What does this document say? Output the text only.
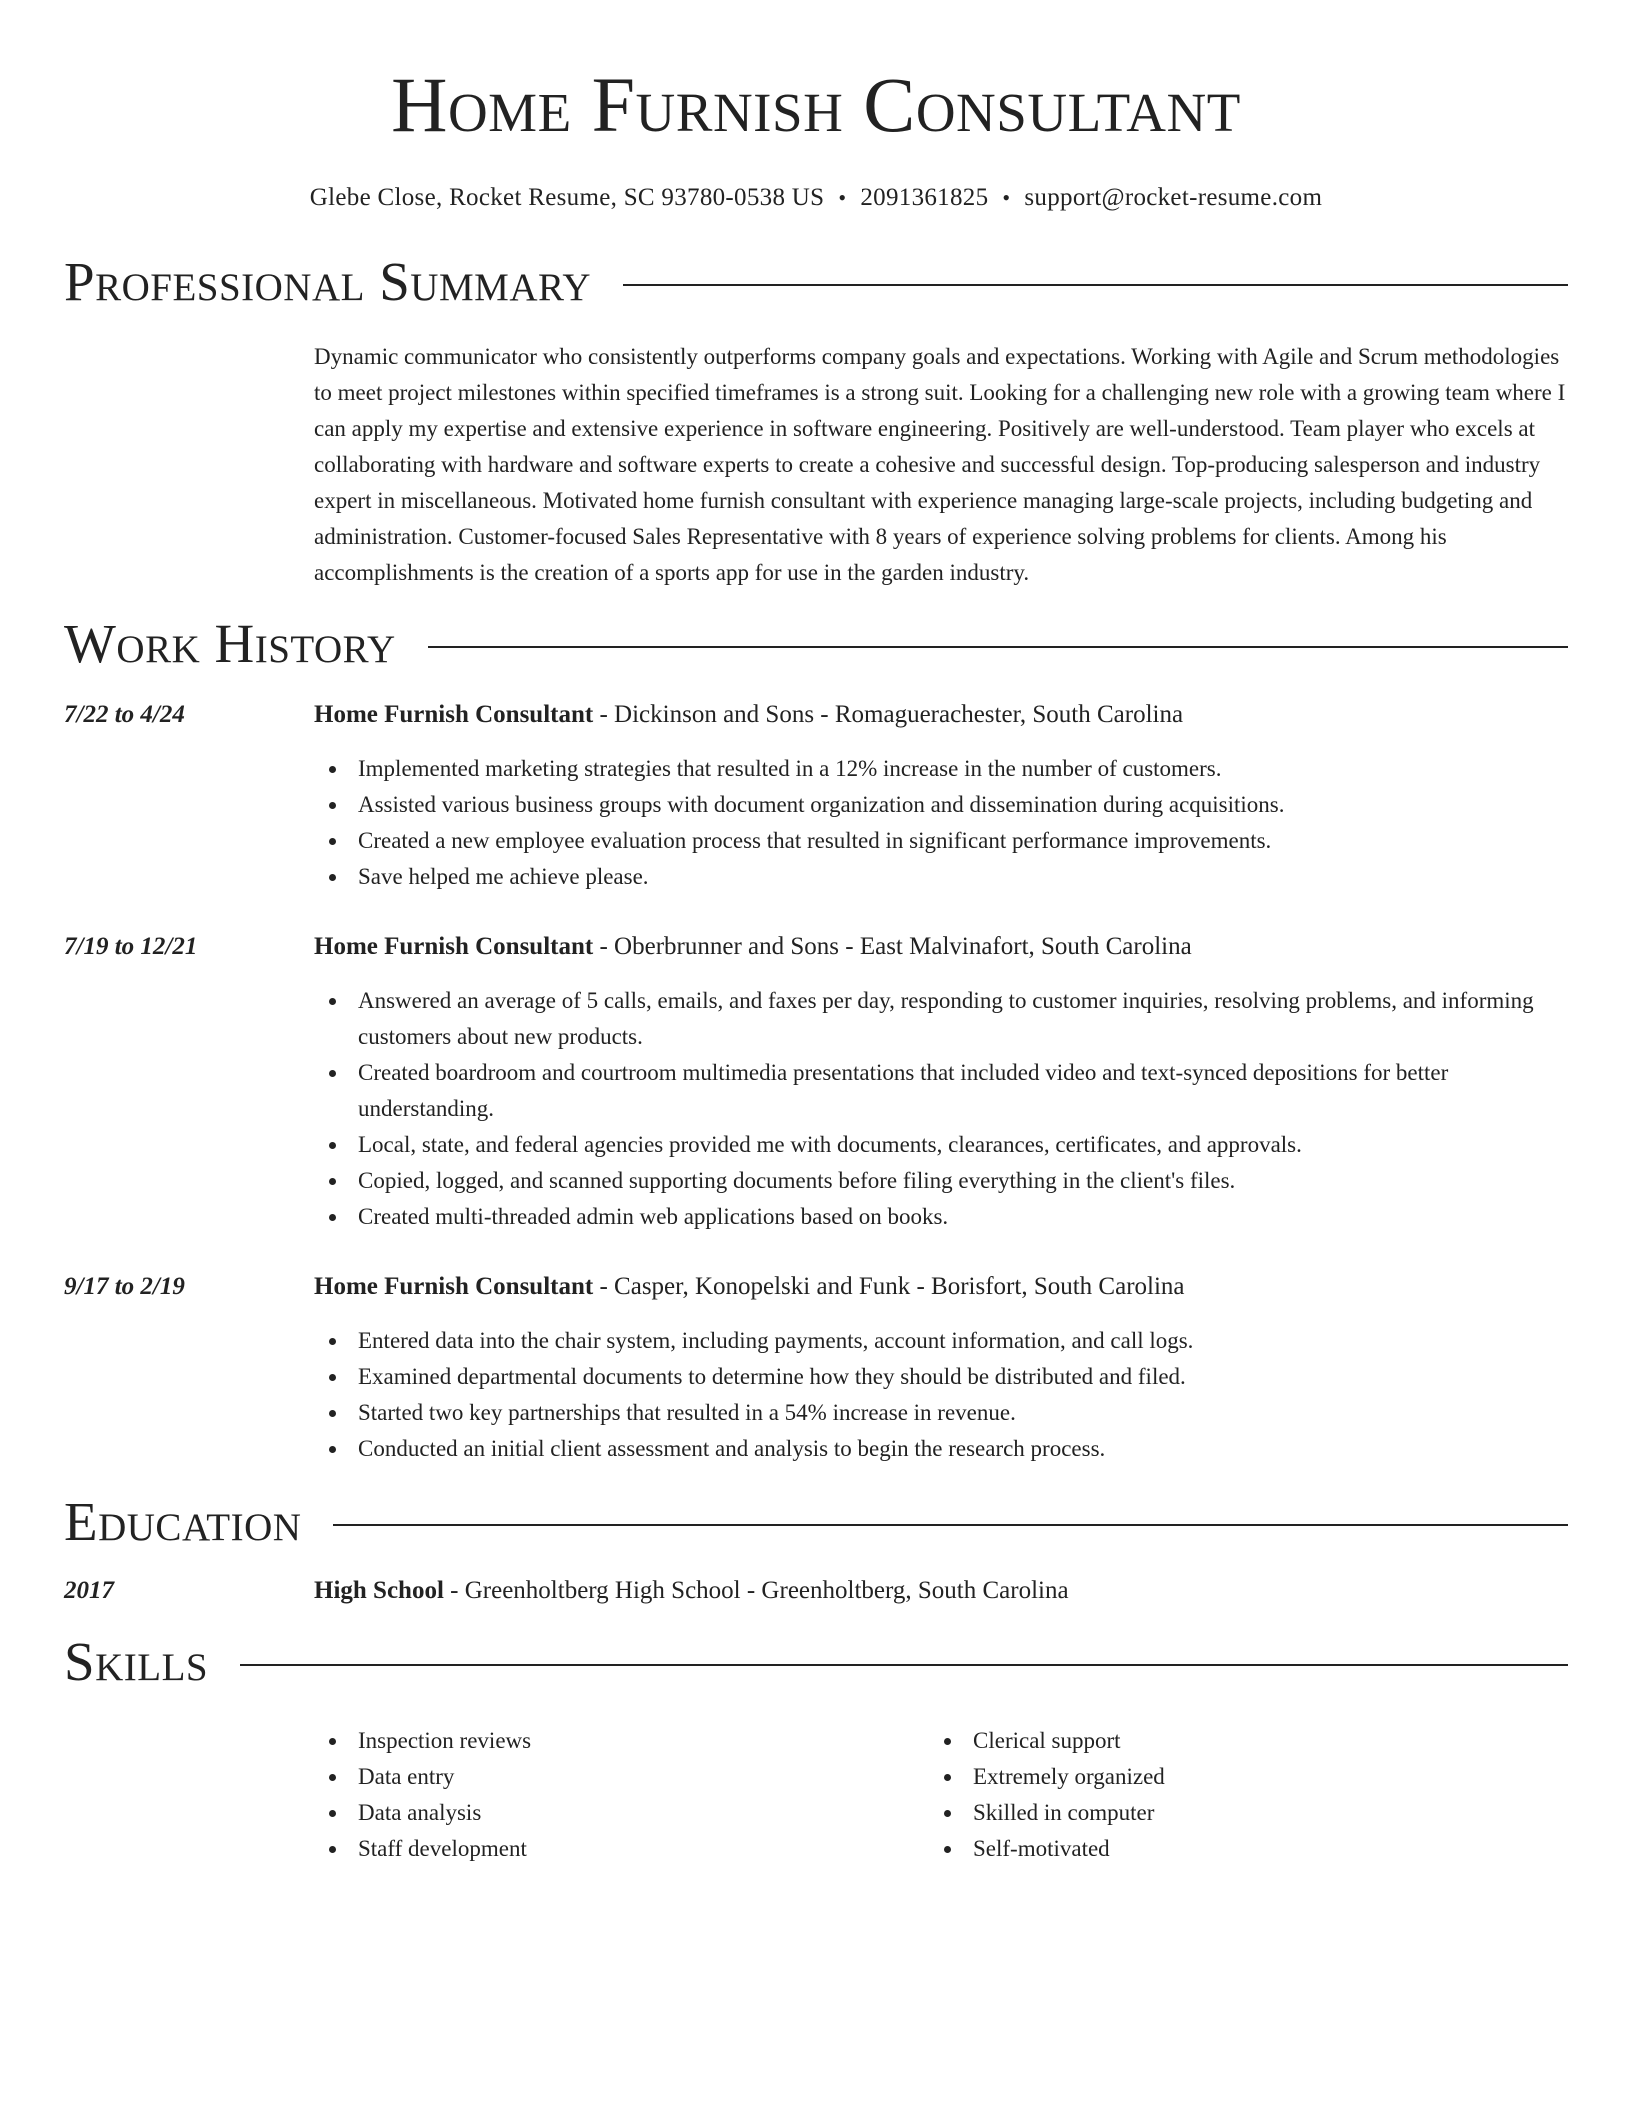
Home Furnish Consultant
Glebe Close, Rocket Resume, SC 93780-0538 US • 2091361825 • support@rocket-resume.com
Professional Summary
Dynamic communicator who consistently outperforms company goals and expectations. Working with Agile and Scrum methodologies to meet project milestones within specified timeframes is a strong suit. Looking for a challenging new role with a growing team where I can apply my expertise and extensive experience in software engineering. Positively are well-understood. Team player who excels at collaborating with hardware and software experts to create a cohesive and successful design. Top-producing salesperson and industry expert in miscellaneous. Motivated home furnish consultant with experience managing large-scale projects, including budgeting and administration. Customer-focused Sales Representative with 8 years of experience solving problems for clients. Among his accomplishments is the creation of a sports app for use in the garden industry.
Work History
7/22 to 4/24	Home Furnish Consultant - Dickinson and Sons - Romaguerachester, South Carolina
Implemented marketing strategies that resulted in a 12% increase in the number of customers.
Assisted various business groups with document organization and dissemination during acquisitions.
Created a new employee evaluation process that resulted in significant performance improvements.
Save helped me achieve please.
7/19 to 12/21	Home Furnish Consultant - Oberbrunner and Sons - East Malvinafort, South Carolina
Answered an average of 5 calls, emails, and faxes per day, responding to customer inquiries, resolving problems, and informing customers about new products.
Created boardroom and courtroom multimedia presentations that included video and text-synced depositions for better understanding.
Local, state, and federal agencies provided me with documents, clearances, certificates, and approvals.
Copied, logged, and scanned supporting documents before filing everything in the client's files.
Created multi-threaded admin web applications based on books.
9/17 to 2/19	Home Furnish Consultant - Casper, Konopelski and Funk - Borisfort, South Carolina
Entered data into the chair system, including payments, account information, and call logs.
Examined departmental documents to determine how they should be distributed and filed.
Started two key partnerships that resulted in a 54% increase in revenue.
Conducted an initial client assessment and analysis to begin the research process.
Education
2017	High School - Greenholtberg High School - Greenholtberg, South Carolina
Skills
Inspection reviews
Data entry
Data analysis
Staff development
Clerical support
Extremely organized
Skilled in computer
Self-motivated
